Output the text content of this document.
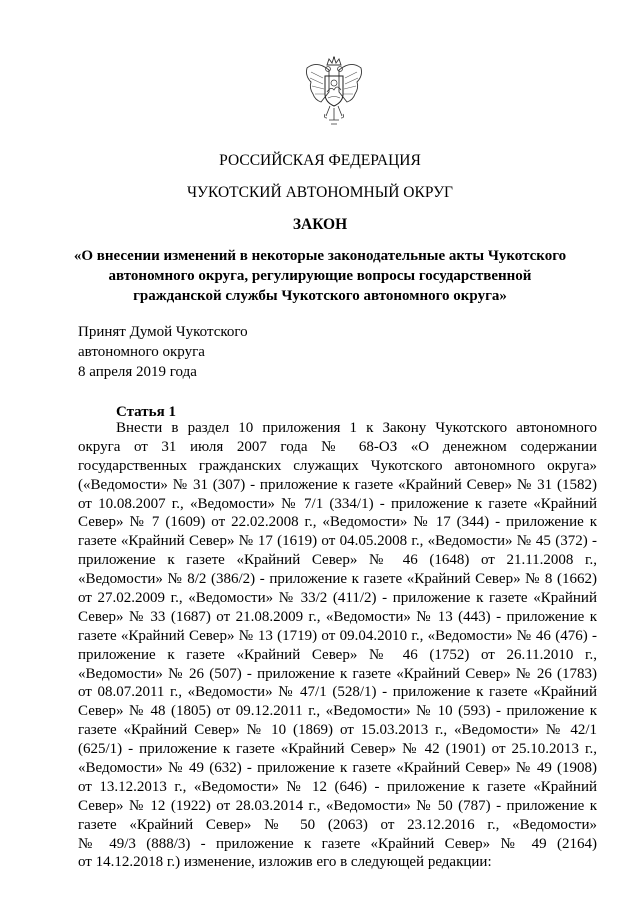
РОССИЙСКАЯ ФЕДЕРАЦИЯ
ЧУКОТСКИЙ АВТОНОМНЫЙ ОКРУГ
ЗАКОН
«О внесении изменений в некоторые законодательные акты Чукотского
автономного округа, регулирующие вопросы государственной
гражданской службы Чукотского автономного округа»
Принят Думой Чукотского
автономного округа
8 апреля 2019 года
Статья 1
Внести в раздел 10 приложения 1 к Закону Чукотского автономного
округа от 31 июля 2007 года № 68-ОЗ «О денежном содержании
государственных гражданских служащих Чукотского автономного округа»
(«Ведомости» № 31 (307) - приложение к газете «Крайний Север» № 31 (1582)
от 10.08.2007 г., «Ведомости» № 7/1 (334/1) - приложение к газете «Крайний
Север» № 7 (1609) от 22.02.2008 г., «Ведомости» № 17 (344) - приложение к
газете «Крайний Север» № 17 (1619) от 04.05.2008 г., «Ведомости» № 45 (372) -
приложение к газете «Крайний Север» № 46 (1648) от 21.11.2008 г.,
«Ведомости» № 8/2 (386/2) - приложение к газете «Крайний Север» № 8 (1662)
от 27.02.2009 г., «Ведомости» № 33/2 (411/2) - приложение к газете «Крайний
Север» № 33 (1687) от 21.08.2009 г., «Ведомости» № 13 (443) - приложение к
газете «Крайний Север» № 13 (1719) от 09.04.2010 г., «Ведомости» № 46 (476) -
приложение к газете «Крайний Север» № 46 (1752) от 26.11.2010 г.,
«Ведомости» № 26 (507) - приложение к газете «Крайний Север» № 26 (1783)
от 08.07.2011 г., «Ведомости» № 47/1 (528/1) - приложение к газете «Крайний
Север» № 48 (1805) от 09.12.2011 г., «Ведомости» № 10 (593) - приложение к
газете «Крайний Север» № 10 (1869) от 15.03.2013 г., «Ведомости» № 42/1
(625/1) - приложение к газете «Крайний Север» № 42 (1901) от 25.10.2013 г.,
«Ведомости» № 49 (632) - приложение к газете «Крайний Север» № 49 (1908)
от 13.12.2013 г., «Ведомости» № 12 (646) - приложение к газете «Крайний
Север» № 12 (1922) от 28.03.2014 г., «Ведомости» № 50 (787) - приложение к
газете «Крайний Север» № 50 (2063) от 23.12.2016 г., «Ведомости»
№ 49/3 (888/3) - приложение к газете «Крайний Север» № 49 (2164)
от 14.12.2018 г.) изменение, изложив его в следующей редакции:
